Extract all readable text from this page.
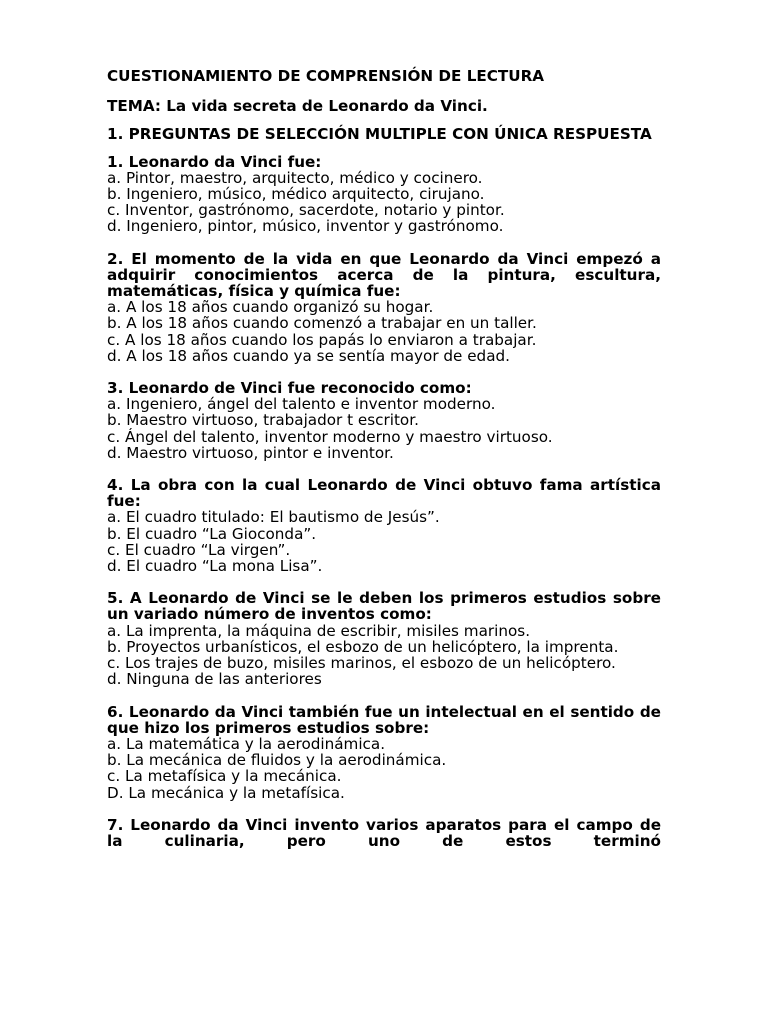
CUESTIONAMIENTO DE COMPRENSIÓN DE LECTURA

TEMA: La vida secreta de Leonardo da Vinci.

1. PREGUNTAS DE SELECCIÓN MULTIPLE CON ÚNICA RESPUESTA

1. Leonardo da Vinci fue:

a. Pintor, maestro, arquitecto, médico y cocinero.
b. Ingeniero, músico, médico arquitecto, cirujano.
c. Inventor, gastrónomo, sacerdote, notario y pintor.
d. Ingeniero, pintor, músico, inventor y gastrónomo.

2. El momento de la vida en que Leonardo da Vinci empezó a adquirir conocimientos acerca de la pintura, escultura, matemáticas, física y química fue:

a. A los 18 años cuando organizó su hogar.
b. A los 18 años cuando comenzó a trabajar en un taller.
c. A los 18 años cuando los papás lo enviaron a trabajar.
d. A los 18 años cuando ya se sentía mayor de edad.

3. Leonardo de Vinci fue reconocido como:

a. Ingeniero, ángel del talento e inventor moderno.
b. Maestro virtuoso, trabajador t escritor.
c. Ángel del talento, inventor moderno y maestro virtuoso.
d. Maestro virtuoso, pintor e inventor.

4. La obra con la cual Leonardo de Vinci obtuvo fama artística fue:

a. El cuadro titulado: El bautismo de Jesús”.
b. El cuadro “La Gioconda”.
c. El cuadro “La virgen”.
d. El cuadro “La mona Lisa”.

5. A Leonardo de Vinci se le deben los primeros estudios sobre un variado número de inventos como:

a. La imprenta, la máquina de escribir, misiles marinos.
b. Proyectos urbanísticos, el esbozo de un helicóptero, la imprenta.
c. Los trajes de buzo, misiles marinos, el esbozo de un helicóptero.
d. Ninguna de las anteriores

6. Leonardo da Vinci también fue un intelectual en el sentido de que hizo los primeros estudios sobre:

a. La matemática y la aerodinámica.
b. La mecánica de fluidos y la aerodinámica.
c. La metafísica y la mecánica.
D. La mecánica y la metafísica.

7. Leonardo da Vinci invento varios aparatos para el campo de la culinaria, pero uno de estos terminó
